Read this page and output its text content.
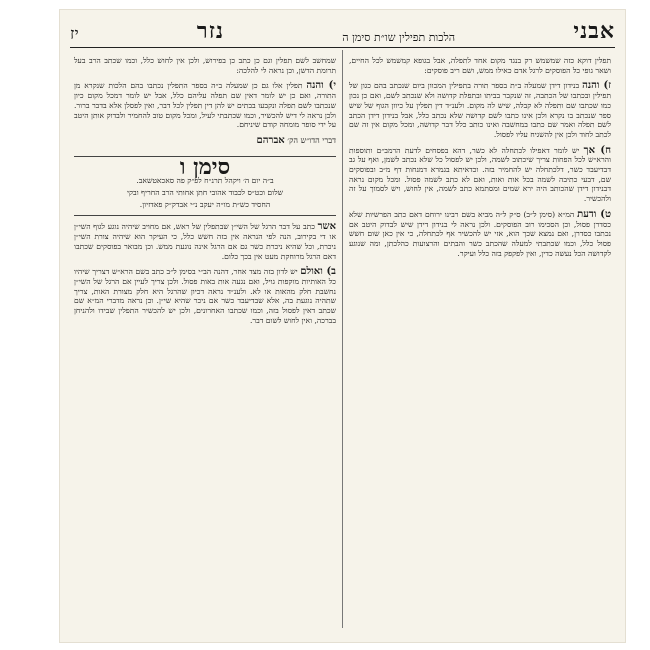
אבני
הלכות תפילין שו״ת סימן ה
נזר
יז

תפלין דוקא כזה שמשמש רק בנגד מקום אחד לתפלה, אבל בגופא קמשמש לכל החיים, ושאר גופי כל הפוסקים לרגל אדם כאילו ממש, ושם ריב פוסקים:

ז) והנה בנידון דידן שמעלה ב״ת בספר תורה בתפילין המכוון ביום שנכתב בהם כגון של תפילין ובכתבו של הכתבה, זה שנקבר בביתו ובתפלת קדושה ולא שנכתב לשם, ואם כן נכון כמו שכתבו שם ותפלה לא קבלה, שיש לה מקום. ולענ״ד דין תפלין על כיוון הגוף של שיש ספר שנכתב בו נקרא ולכן אינו כתבו לשם קדושה שלא נכתב כלל, אבל בנידון דידן הכתב לשם תפלה ואמר שם כתבו במחשבה ואינו כותב כלל דבר קדושה, ומכל מקום אין זה שם לכתב לחוד ולכן אין להשגיח עליו לפסול.

ח) אך יש לומר דאפילו לכתחלה לא כשר, דהא בפסחים לדעת הרמב״ם ותוספות והרא״ש לכל הפחות צריך שיכתוב לשמה, ולכן יש לפסול כל שלא נכתב לשמן, ואף על גב דבדיעבד כשר, דלכתחלה יש להחמיר בזה. וכדאיתא בגמרא דמנחות דף מ״ב ובפוסקים שם, דבעי כתיבה לשמה בכל אות ואות, ואם לא כתב לשמה פסול. ומכל מקום נראה דבנידון דידן שהכותב היה ירא שמים ומסתמא כתב לשמה, אין לחוש, ויש לסמוך על זה ולהכשיר.

ט) ודעת המ״א (סימן ל״ב) ס״ק ל״ה מביא בשם רבינו ירוחם דאם כתב הפרשיות שלא כסדרן פסול, וכן הסכימו רוב הפוסקים. ולכן נראה לי בנידון דידן שיש לבדוק היטב אם נכתבו כסדרן, ואם נמצא שכך הוא, אזי יש להכשיר אף לכתחלה, כי אין כאן שום חשש פסול כלל, וכמו שכתבתי למעלה שהכתב כשר והבתים והרצועות כהלכתן, ומה שנוגע לקדושה הכל נעשה כדין, ואין לפקפק בזה כלל ועיקר.

שמחשב לשם תפלין וגם כן כתב כן בפירוש, ולכן אין לחוש כלל, וכמו שכתב הרב בעל תרומת הדשן, וכן נראה לי להלכה:

י) והנה תפלין אלו גם כן שמעלה ב״ה בספר התפלין נכתבו בהם הלכות שנקרא מן התורה, ואם כן יש לומר דאין שם תפלה עליהם כלל, אבל יש לומר דמכל מקום כיון שנכתבו לשם תפלה ונקבעו בבתים יש להן דין תפלין לכל דבר, ואין לפסלן אלא בדבר ברור. ולכן נראה לי דיש להכשיר, וכמו שכתבתי לעיל, ומכל מקום טוב להחמיר ולבדוק אותן היטב על ידי סופר מומחה קודם שיניחם.

דברי הדו״ש הק׳ אברהם
סימן ו
ב״ה יום ה׳ ויקהל תרנ״ח לפ״ק פה סאכאטשאב.
שלום וכט״ס לכבוד אהובי חתן אחותי הרב החריף ובקי
החסיד כש״ת מו״ה יעקב נ״י אבדק״ק פאדזיון.

אשר כתב על דבר הרגל של השי״ן שבתפלין של ראש, אם מחויב שיהיה נוגע לגוף השי״ן או די בקירוב, הנה לפי הנראה אין בזה חשש כלל, כי העיקר הוא שיהיה צורת השי״ן ניכרת, וכל שהיא ניכרת כשר גם אם הרגל אינה נוגעת ממש. וכן מבואר בפוסקים שכתבו דאם הרגל מרוחקת מעט אין בכך כלום.

ב) ואולם יש לדון בזה מצד אחר, דהנה הב״י בסימן ל״ב כתב בשם הרא״ש דצריך שיהיו כל האותיות מוקפות גויל, ואם נגעה אות באות פסול. ולכן צריך לעיין אם הרגל של השי״ן נחשבת חלק מהאות או לא. ולענ״ד נראה דכיון שהרגל היא חלק מצורת האות, צריך שתהיה נוגעת בה, אלא שבדיעבד כשר אם ניכר שהיא שי״ן. וכן נראה מדברי המ״א שם שכתב דאין לפסול בזה, וכמו שכתבו האחרונים, ולכן יש להכשיר התפלין שבידו ולהניחן בברכה, ואין לחוש לשום דבר.
